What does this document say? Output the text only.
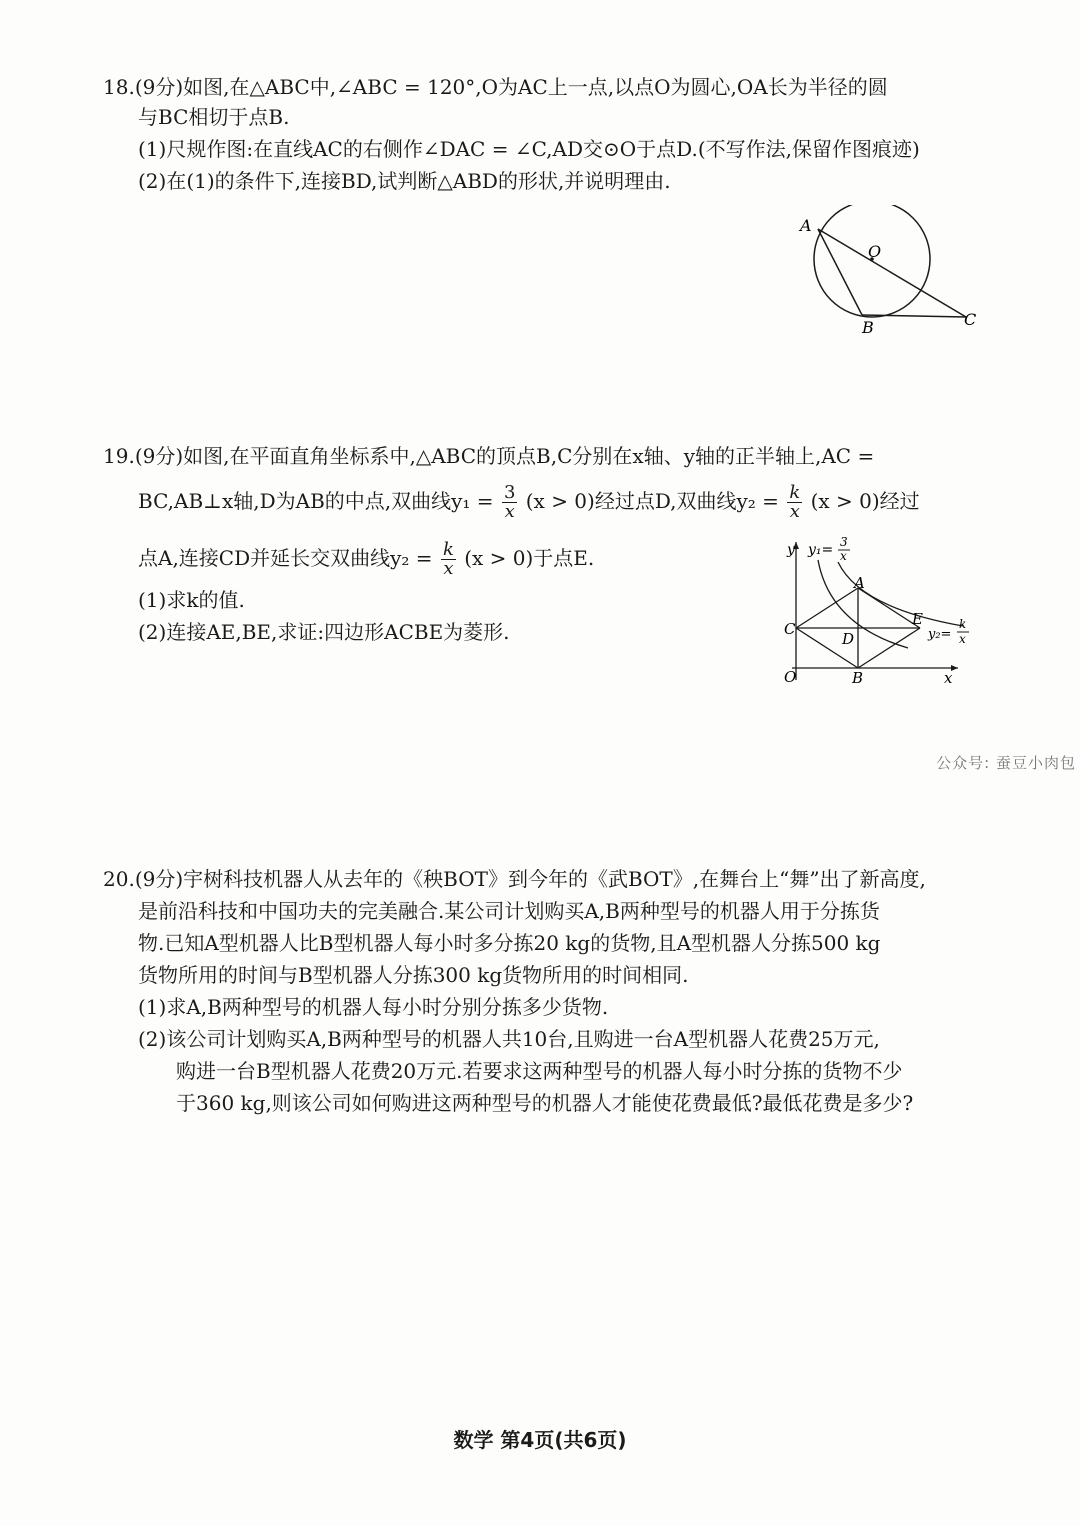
18.(9分)如图,在△ABC中,∠ABC = 120°,O为AC上一点,以点O为圆心,OA长为半径的圆
与BC相切于点B.
(1)尺规作图:在直线AC的右侧作∠DAC = ∠C,AD交⊙O于点D.(不写作法,保留作图痕迹)
(2)在(1)的条件下,连接BD,试判断△ABD的形状,并说明理由.
A
O
B	C
19.(9分)如图,在平面直角坐标系中,△ABC的顶点B,C分别在x轴、y轴的正半轴上,AC =
BC,AB⊥x轴,D为AB的中点,双曲线$y_1 = \frac{3}{x} (x > 0)$经过点D,双曲线$y_2 = \frac{k}{x} (x > 0)$经过
点A,连接CD并延长交双曲线$y_2 = \frac{k}{x} (x > 0)$于点E.
(1)求k的值.
(2)连接AE,BE,求证:四边形ACBE为菱形.
y y₁= 3
x
A
C
D
E
y₂=
k
x
O	B	x
公众号: 蚕豆小肉包
20.(9分)宇树科技机器人从去年的《秧BOT》到今年的《武BOT》,在舞台上“舞”出了新高度,
是前沿科技和中国功夫的完美融合.某公司计划购买A,B两种型号的机器人用于分拣货
物.已知A型机器人比B型机器人每小时多分拣20 kg的货物,且A型机器人分拣500 kg
货物所用的时间与B型机器人分拣300 kg货物所用的时间相同.
(1)求A,B两种型号的机器人每小时分别分拣多少货物.
(2)该公司计划购买A,B两种型号的机器人共10台,且购进一台A型机器人花费25万元,
购进一台B型机器人花费20万元.若要求这两种型号的机器人每小时分拣的货物不少
于360 kg,则该公司如何购进这两种型号的机器人才能使花费最低?最低花费是多少?
数学 第4页(共6页)
